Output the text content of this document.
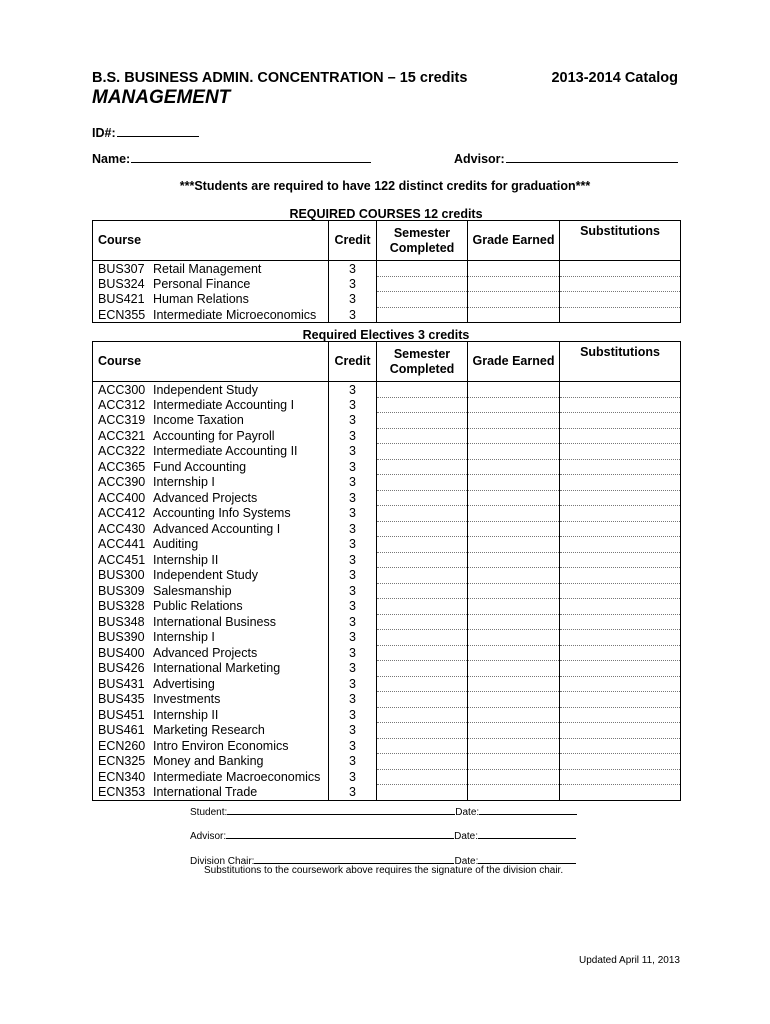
B.S. BUSINESS ADMIN. CONCENTRATION – 15 credits	2013-2014 Catalog
MANAGEMENT
ID#:
Name:	Advisor:
***Students are required to have 122 distinct credits for graduation***
REQUIRED COURSES 12 credits
Course	Credit	Semester Completed	Grade Earned	Substitutions
BUS307 Retail Management	3			
BUS324 Personal Finance	3			
BUS421 Human Relations	3			
ECN355 Intermediate Microeconomics	3			
Required Electives 3 credits
Course	Credit	Semester Completed	Grade Earned	Substitutions
ACC300 Independent Study	3			
ACC312 Intermediate Accounting I	3			
ACC319 Income Taxation	3			
ACC321 Accounting for Payroll	3			
ACC322 Intermediate Accounting II	3			
ACC365 Fund Accounting	3			
ACC390 Internship I	3			
ACC400 Advanced Projects	3			
ACC412 Accounting Info Systems	3			
ACC430 Advanced Accounting I	3			
ACC441 Auditing	3			
ACC451 Internship II	3			
BUS300 Independent Study	3			
BUS309 Salesmanship	3			
BUS328 Public Relations	3			
BUS348 International Business	3			
BUS390 Internship I	3			
BUS400 Advanced Projects	3			
BUS426 International Marketing	3			
BUS431 Advertising	3			
BUS435 Investments	3			
BUS451 Internship II	3			
BUS461 Marketing Research	3			
ECN260 Intro Environ Economics	3			
ECN325 Money and Banking	3			
ECN340 Intermediate Macroeconomics	3			
ECN353 International Trade	3			
Student:	Date:
Advisor:	Date:
Division Chair:	Date:
Substitutions to the coursework above requires the signature of the division chair.
Updated April 11, 2013
